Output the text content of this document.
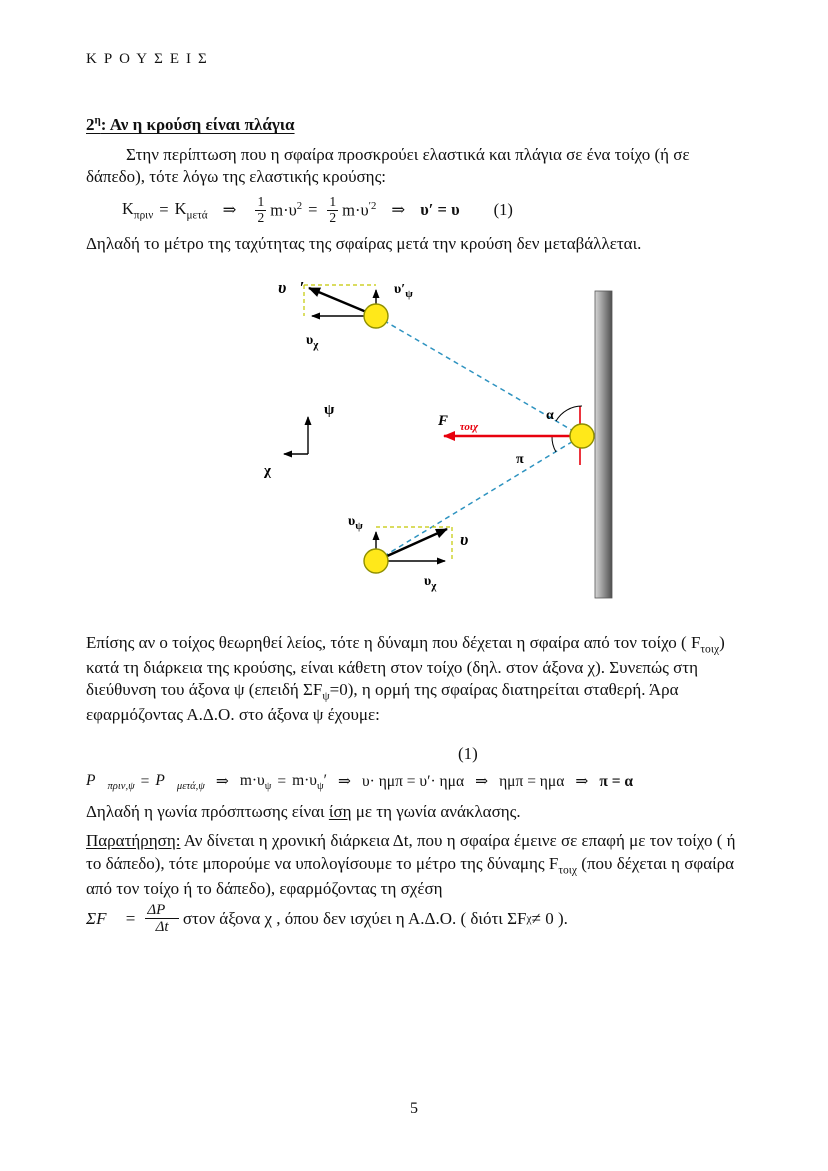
ΚΡΟΥΣΕΙΣ
$2^\eta$: Αν η κρούση είναι πλάγια

Στην περίπτωση που η σφαίρα προσκρούει ελαστικά και πλάγια σε ένα τοίχο (ή σε δάπεδο), τότε λόγω της ελαστικής κρούσης:

$K_{\pi\rho\iota\nu} = K_{\mu\varepsilon\tau ά}$ ⇒ $\frac{1}{2} m\cdot\upsilon^2 = \frac{1}{2} m\cdot\upsilon^{'2}$ ⇒ υ′ = υ (1)

Δηλαδή το μέτρο της ταχύτητας της σφαίρας μετά την κρούση δεν μεταβάλλεται.

υ⃗′	$\upsilon'_\psi$
$\upsilon_\chi$
ψ
χ
$F⃗_{\tau o\iota\chi}$
α
π
υ⃗
$\upsilon_\psi$
$\upsilon_\chi$

Επίσης αν ο τοίχος θεωρηθεί λείος, τότε η δύναμη που δέχεται η σφαίρα από τον τοίχο ( $F_{\tau o\iota\chi}$) κατά τη διάρκεια της κρούσης, είναι κάθετη στον τοίχο (δηλ. στον άξονα χ). Συνεπώς στη διεύθυνση του άξονα ψ (επειδή $\Sigma F_\psi=0$), η ορμή της σφαίρας διατηρείται σταθερή. Άρα εφαρμόζοντας Α.Δ.Ο. στο άξονα ψ έχουμε:

(1)
$P⃗_{\pi\rho\iota\nu,\psi}$ = $P⃗_{\mu\varepsilon\tau ά,\psi}$ ⇒ $m\cdot\upsilon_\psi = m\cdot\upsilon_\psi'$ ⇒ υ· ημπ = υ′· ημα ⇒ ημπ = ημα ⇒ π = α

Δηλαδή η γωνία πρόσπτωσης είναι ίση με τη γωνία ανάκλασης.

Παρατήρηση: Αν δίνεται η χρονική διάρκεια Δt, που η σφαίρα έμεινε σε επαφή με τον τοίχο ( ή το δάπεδο), τότε μπορούμε να υπολογίσουμε το μέτρο της δύναμης $F_{\tau o\iota\chi}$ (που δέχεται η σφαίρα από τον τοίχο ή το δάπεδο), εφαρμόζοντας τη σχέση

ΣF⃗ = $\frac{\Delta P⃗}{\Delta t}$ στον άξονα χ , όπου δεν ισχύει η Α.Δ.Ο. ( διότι ΣF χ ≠ 0 ).
5
